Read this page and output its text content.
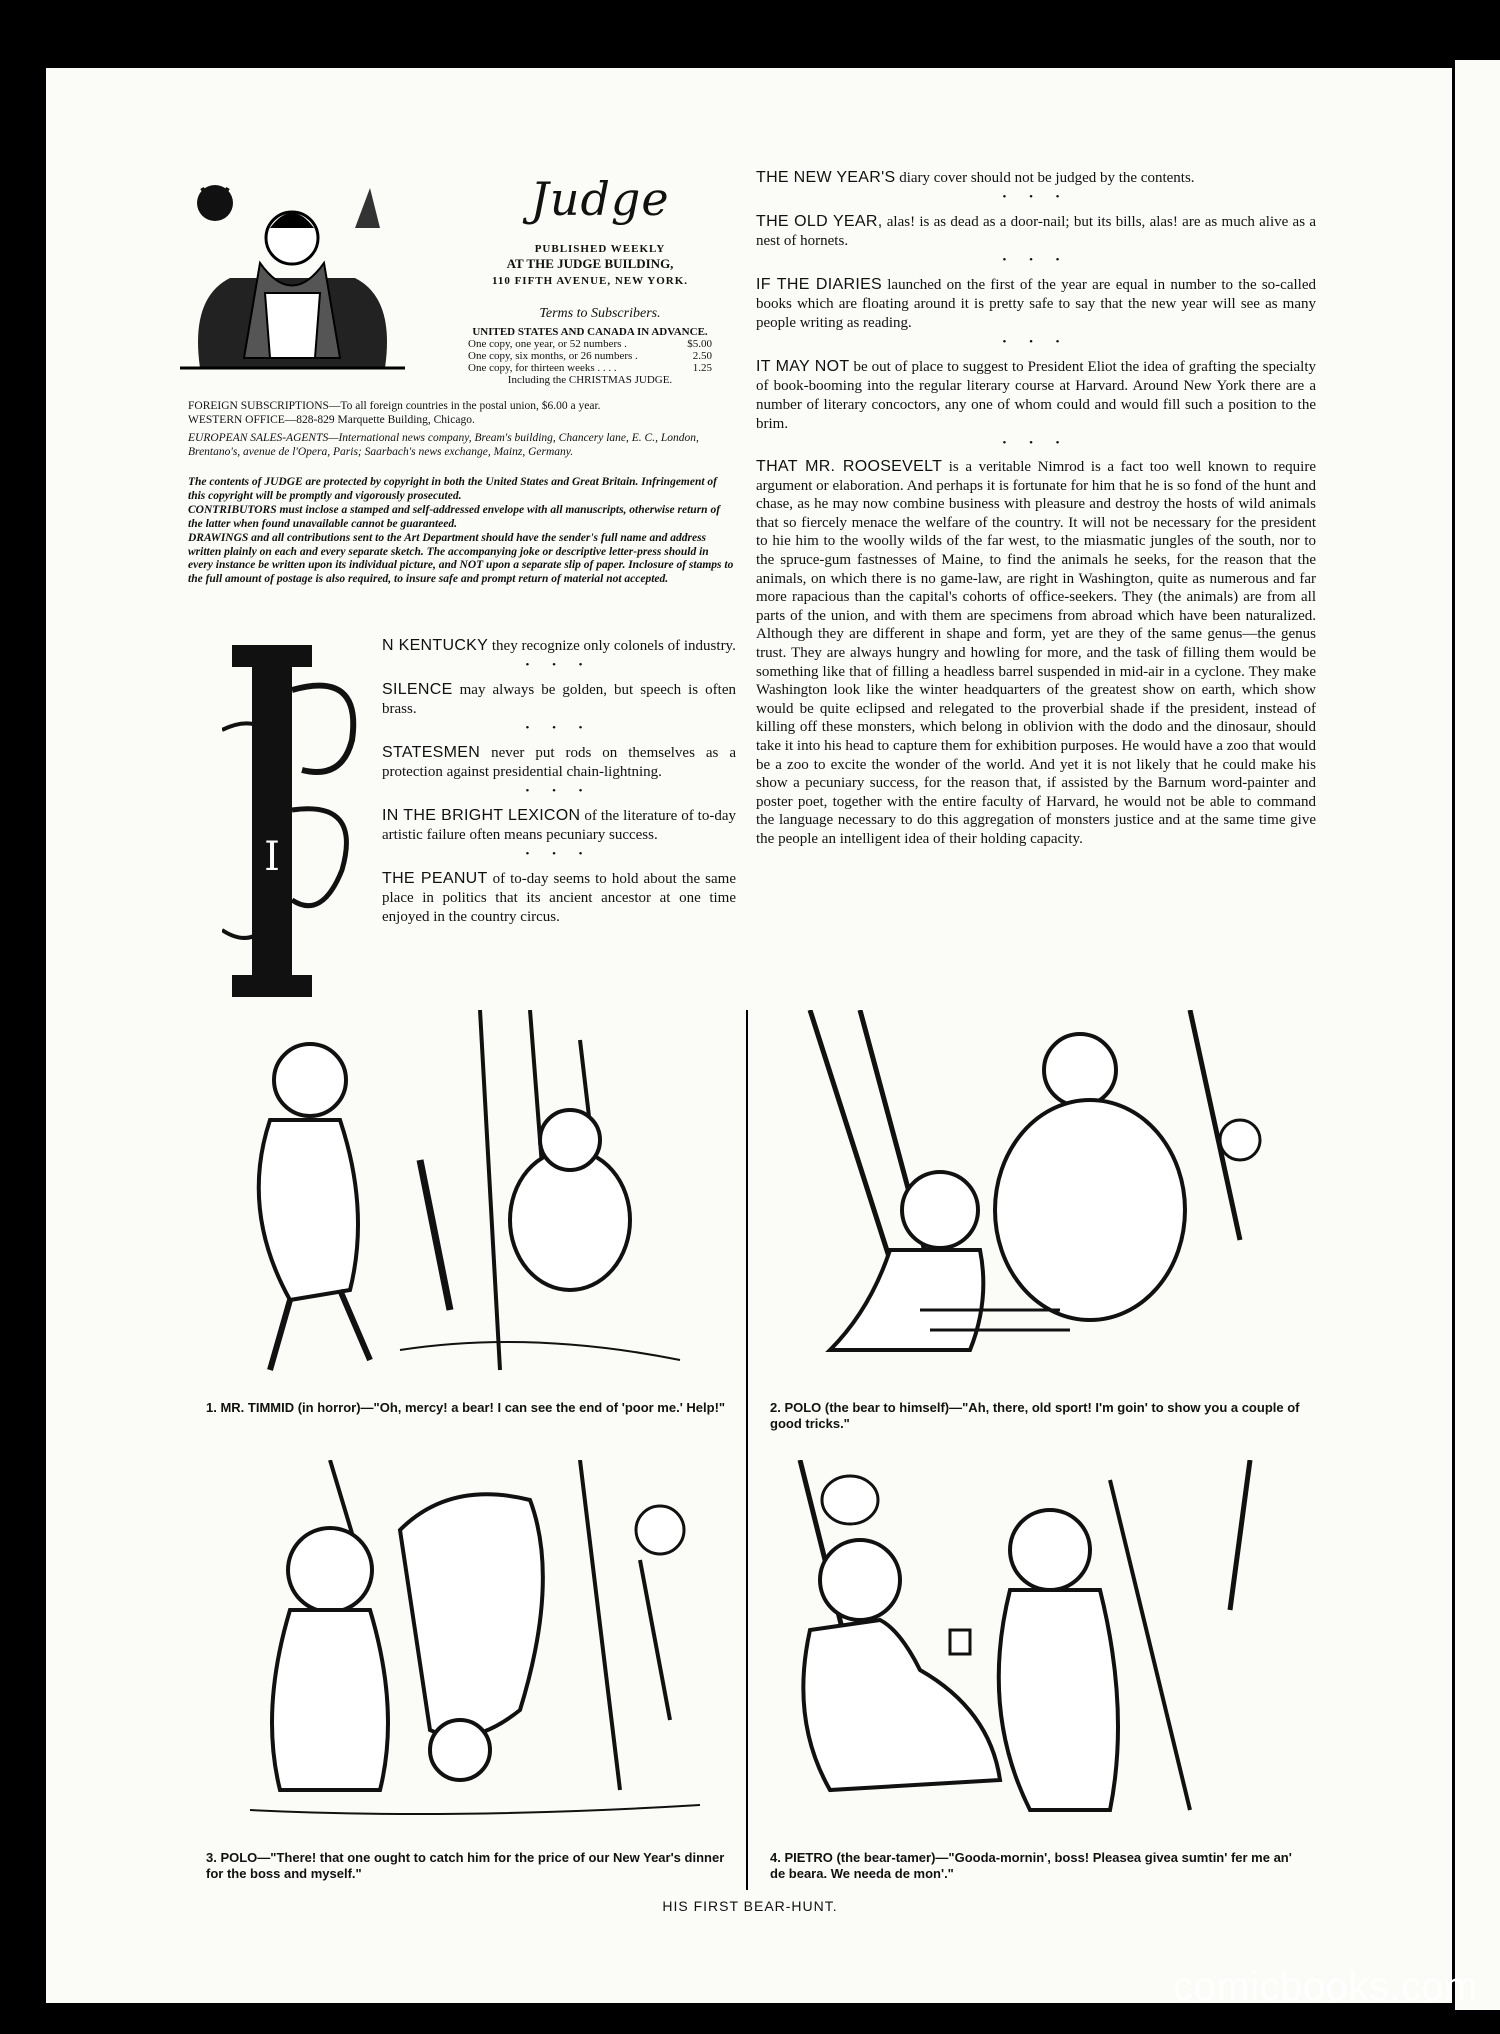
Judge
PUBLISHED WEEKLY
AT THE JUDGE BUILDING,
110 FIFTH AVENUE, NEW YORK.
Terms to Subscribers.
UNITED STATES AND CANADA IN ADVANCE.
One copy, one year, or 52 numbers .	$5.00
One copy, six months, or 26 numbers .	2.50
One copy, for thirteen weeks . . . .	1.25
Including the CHRISTMAS JUDGE.
FOREIGN SUBSCRIPTIONS—To all foreign countries in the postal union, $6.00 a year.
WESTERN OFFICE—828-829 Marquette Building, Chicago.
EUROPEAN SALES-AGENTS—International news company, Bream's building, Chancery lane, E. C., London, Brentano's, avenue de l'Opera, Paris; Saarbach's news exchange, Mainz, Germany.
The contents of JUDGE are protected by copyright in both the United States and Great Britain. Infringement of this copyright will be promptly and vigorously prosecuted.
CONTRIBUTORS must inclose a stamped and self-addressed envelope with all manuscripts, otherwise return of the latter when found unavailable cannot be guaranteed.
DRAWINGS and all contributions sent to the Art Department should have the sender's full name and address written plainly on each and every separate sketch. The accompanying joke or descriptive letter-press should in every instance be written upon its individual picture, and NOT upon a separate slip of paper. Inclosure of stamps to the full amount of postage is also required, to insure safe and prompt return of material not accepted.
I

N KENTUCKY they recognize only colonels of industry.

• • •

SILENCE may always be golden, but speech is often brass.

• • •

STATESMEN never put rods on themselves as a protection against presidential chain-lightning.

• • •

IN THE BRIGHT LEXICON of the literature of to-day artistic failure often means pecuniary success.

• • •

THE PEANUT of to-day seems to hold about the same place in politics that its ancient ancestor at one time enjoyed in the country circus.

THE NEW YEAR'S diary cover should not be judged by the contents.

• • •

THE OLD YEAR, alas! is as dead as a door-nail; but its bills, alas! are as much alive as a nest of hornets.

• • •

IF THE DIARIES launched on the first of the year are equal in number to the so-called books which are floating around it is pretty safe to say that the new year will see as many people writing as reading.

• • •

IT MAY NOT be out of place to suggest to President Eliot the idea of grafting the specialty of book-booming into the regular literary course at Harvard. Around New York there are a number of literary concoctors, any one of whom could and would fill such a position to the brim.

• • •

THAT MR. ROOSEVELT is a veritable Nimrod is a fact too well known to require argument or elaboration. And perhaps it is fortunate for him that he is so fond of the hunt and chase, as he may now combine business with pleasure and destroy the hosts of wild animals that so fiercely menace the welfare of the country. It will not be necessary for the president to hie him to the woolly wilds of the far west, to the miasmatic jungles of the south, nor to the spruce-gum fastnesses of Maine, to find the animals he seeks, for the reason that the animals, on which there is no game-law, are right in Washington, quite as numerous and far more rapacious than the capital's cohorts of office-seekers. They (the animals) are from all parts of the union, and with them are specimens from abroad which have been naturalized. Although they are different in shape and form, yet are they of the same genus—the genus trust. They are always hungry and howling for more, and the task of filling them would be something like that of filling a headless barrel suspended in mid-air in a cyclone. They make Washington look like the winter headquarters of the greatest show on earth, which show would be quite eclipsed and relegated to the proverbial shade if the president, instead of killing off these monsters, which belong in oblivion with the dodo and the dinosaur, should take it into his head to capture them for exhibition purposes. He would have a zoo that would be a zoo to excite the wonder of the world. And yet it is not likely that he could make his show a pecuniary success, for the reason that, if assisted by the Barnum word-painter and poster poet, together with the entire faculty of Harvard, he would not be able to command the language necessary to do this aggregation of monsters justice and at the same time give the people an intelligent idea of their holding capacity.

1. MR. TIMMID (in horror)—"Oh, mercy! a bear! I can see the end of 'poor me.' Help!"	2. POLO (the bear to himself)—"Ah, there, old sport! I'm goin' to show you a couple of good tricks."
3. POLO—"There! that one ought to catch him for the price of our New Year's dinner for the boss and myself."
4. PIETRO (the bear-tamer)—"Gooda-mornin', boss! Pleasea givea sumtin' fer me an' de beara. We needa de mon'."
HIS FIRST BEAR-HUNT.
comicbooks.com
